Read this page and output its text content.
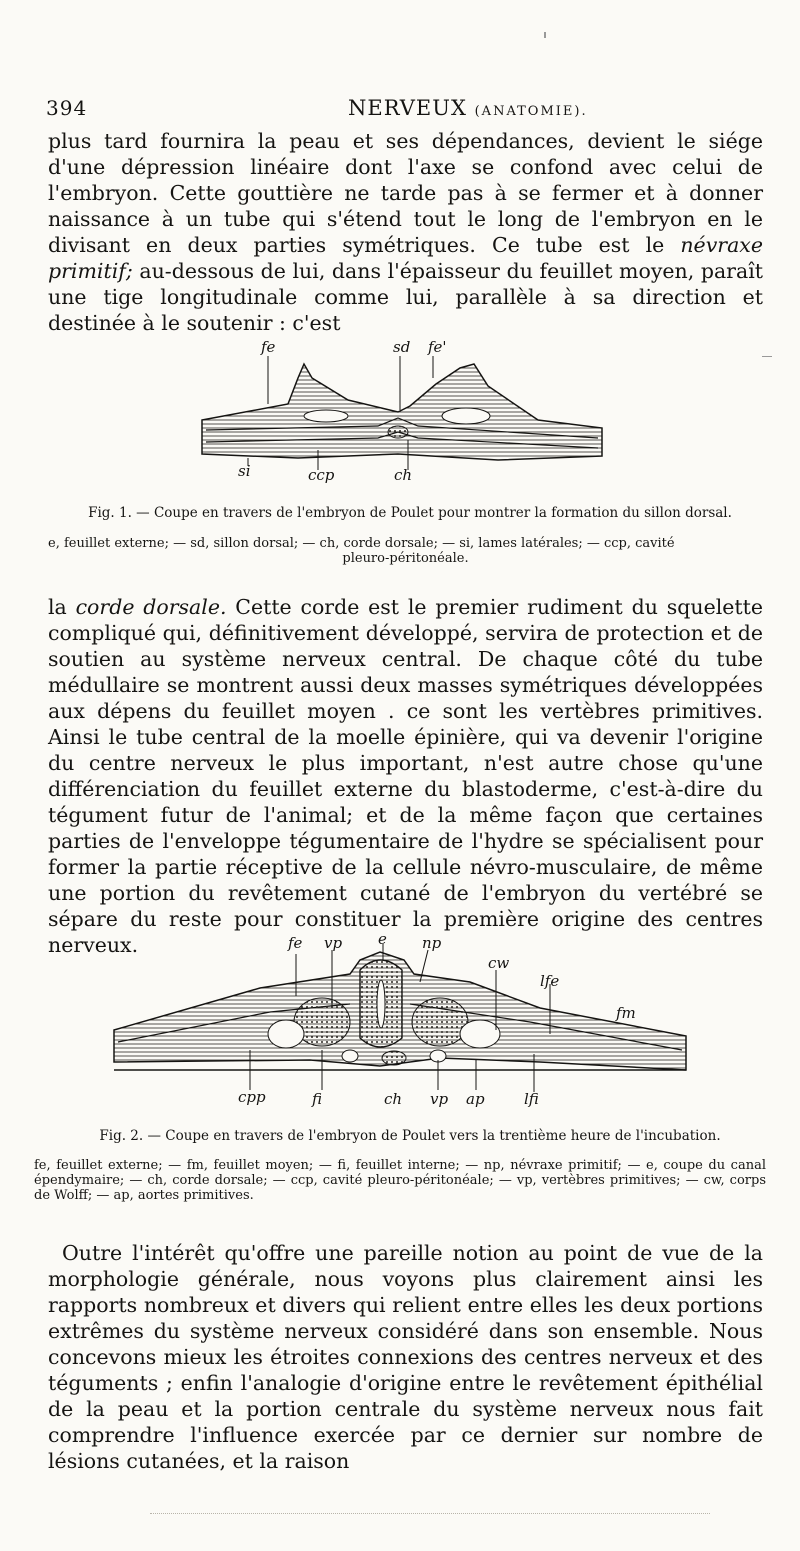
394	NERVEUX (ANATOMIE).

plus tard fournira la peau et ses dépendances, devient le siége d'une dépression linéaire dont l'axe se confond avec celui de l'embryon. Cette gouttière ne tarde pas à se fermer et à donner naissance à un tube qui s'étend tout le long de l'embryon en le divisant en deux parties symétriques. Ce tube est le névraxe primitif; au-dessous de lui, dans l'épaisseur du feuillet moyen, paraît une tige longitudinale comme lui, parallèle à sa direction et destinée à le soutenir : c'est

fe	sd fe'
si	ccp	ch
Fig. 1. — Coupe en travers de l'embryon de Poulet pour montrer la formation du sillon dorsal.

e, feuillet externe; — sd, sillon dorsal; — ch, corde dorsale; — si, lames latérales; — ccp, cavité
pleuro-péritonéale.

la corde dorsale. Cette corde est le premier rudiment du squelette compliqué qui, définitivement développé, servira de protection et de soutien au système nerveux central. De chaque côté du tube médullaire se montrent aussi deux masses symétriques développées aux dépens du feuillet moyen . ce sont les vertèbres primitives. Ainsi le tube central de la moelle épinière, qui va devenir l'origine du centre nerveux le plus important, n'est autre chose qu'une différenciation du feuillet externe du blastoderme, c'est-à-dire du tégument futur de l'animal; et de la même façon que certaines parties de l'enveloppe tégumentaire de l'hydre se spécialisent pour former la partie réceptive de la cellule névro-musculaire, de même une portion du revêtement cutané de l'embryon du vertébré se sépare du reste pour constituer la première origine des centres nerveux.	fe vp e np
cw
lfe
fm
cpp	fi	ch vp ap	lfi
Fig. 2. — Coupe en travers de l'embryon de Poulet vers la trentième heure de l'incubation.

fe, feuillet externe; — fm, feuillet moyen; — fi, feuillet interne; — np, névraxe primitif; — e, coupe du canal épendymaire; — ch, corde dorsale; — ccp, cavité pleuro-péritonéale; — vp, vertèbres primitives; — cw, corps de Wolff; — ap, aortes primitives.

Outre l'intérêt qu'offre une pareille notion au point de vue de la morphologie générale, nous voyons plus clairement ainsi les rapports nombreux et divers qui relient entre elles les deux portions extrêmes du système nerveux considéré dans son ensemble. Nous concevons mieux les étroites connexions des centres nerveux et des téguments ; enfin l'analogie d'origine entre le revêtement épithélial de la peau et la portion centrale du système nerveux nous fait comprendre l'influence exercée par ce dernier sur nombre de lésions cutanées, et la raison
